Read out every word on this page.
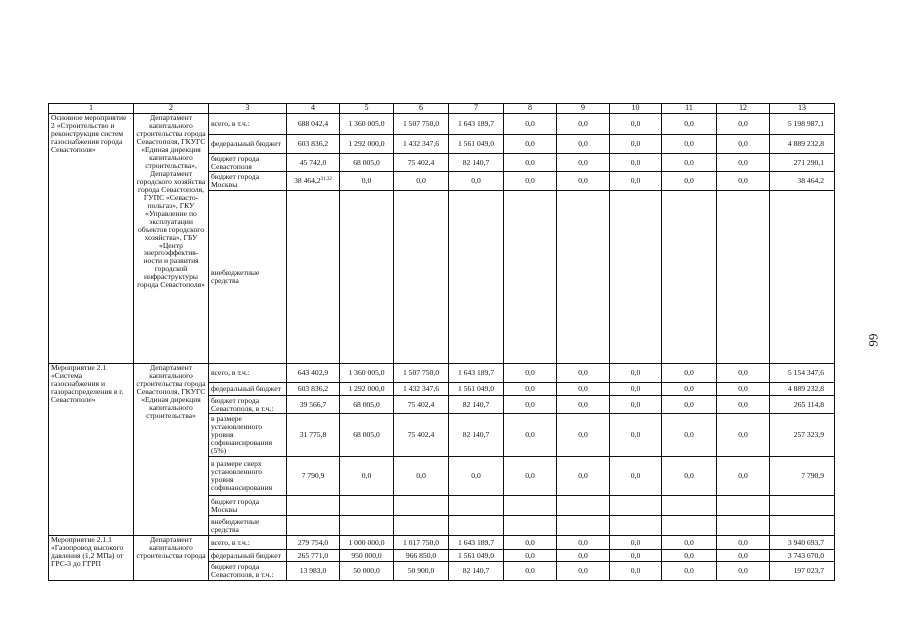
66
1	2	3	4	5	6	7	8	9	10	11	12	13
Основное мероприятие 2 «Строительство и реконструкция систем газоснабжения города Севастополя»	Департамент капитального строительства города Севастополя, ГКУГС «Единая дирекция капитального строительства», Департамент городского хозяйства города Севастополя, ГУПС «Севасто-польгаз», ГКУ «Управление по эксплуатации объектов городского хозяйства», ГБУ «Центр энергоэффектив-ности и развития городской инфраструктуры города Севастополя»	всего, в т.ч.:	688 042,4	1 360 005,0	1 507 750,0	1 643 189,7	0,0	0,0	0,0	0,0	0,0	5 198 987,1
		федеральный бюджет	603 836,2	1 292 000,0	1 432 347,6	1 561 049,0	0,0	0,0	0,0	0,0	0,0	4 889 232,8
		бюджет города Севастополя	45 742,0	68 005,0	75 402,4	82 140,7	0,0	0,0	0,0	0,0	0,0	271 290,1
		бюджет города Москвы	38 464,2$^{31,32}$	0,0	0,0	0,0	0,0	0,0	0,0	0,0	0,0	38 464,2
		внебюджетные средства										
Мероприятие 2.1 «Система газоснабжения и газораспределения в г. Севастополе»	Департамент капитального строительства города Севастополя, ГКУГС «Единая дирекция капитального строительства»	всего, в т.ч.:	643 402,9	1 360 005,0	1 507 750,0	1 643 189,7	0,0	0,0	0,0	0,0	0,0	5 154 347,6
		федеральный бюджет	603 836,2	1 292 000,0	1 432 347,6	1 561 049,0	0,0	0,0	0,0	0,0	0,0	4 889 232,8
		бюджет города Севастополя, в т.ч.:	39 566,7	68 005,0	75 402,4	82 140,7	0,0	0,0	0,0	0,0	0,0	265 114,8
		в размере установленного уровня софинансирования (5%)	31 775,8	68 005,0	75 402,4	82 140,7	0,0	0,0	0,0	0,0	0,0	257 323,9
		в размере сверх установленного уровня софинансирования	7 790,9	0,0	0,0	0,0	0,0	0,0	0,0	0,0	0,0	7 790,9
		бюджет города Москвы										
		внебюджетные средства										
Мероприятие 2.1.1 «Газопровод высокого давления (1,2 МПа) от ГРС-3 до ГГРП	Департамент капитального строительства города	всего, в т.ч.:	279 754,0	1 000 000,0	1 017 750,0	1 643 189,7	0,0	0,0	0,0	0,0	0,0	3 940 693,7
		федеральный бюджет	265 771,0	950 000,0	966 850,0	1 561 049,0	0,0	0,0	0,0	0,0	0,0	3 743 670,0
		бюджет города Севастополя, в т.ч.:	13 983,0	50 000,0	50 900,0	82 140,7	0,0	0,0	0,0	0,0	0,0	197 023,7
